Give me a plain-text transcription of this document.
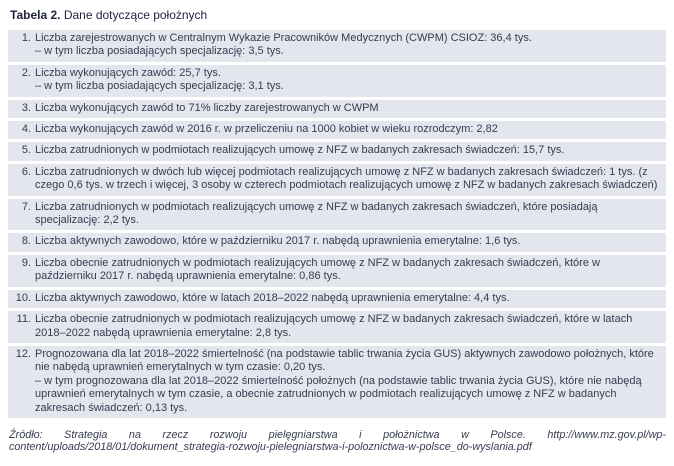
Tabela 2. Dane dotyczące położnych
1. Liczba zarejestrowanych w Centralnym Wykazie Pracowników Medycznych (CWPM) CSIOZ: 36,4 tys.
– w tym liczba posiadających specjalizację: 3,5 tys.
2. Liczba wykonujących zawód: 25,7 tys.
– w tym liczba posiadających specjalizację: 3,1 tys.
3. Liczba wykonujących zawód to 71% liczby zarejestrowanych w CWPM
4. Liczba wykonujących zawód w 2016 r. w przeliczeniu na 1000 kobiet w wieku rozrodczym: 2,82
5. Liczba zatrudnionych w podmiotach realizujących umowę z NFZ w badanych zakresach świadczeń: 15,7 tys.
6. Liczba zatrudnionych w dwóch lub więcej podmiotach realizujących umowę z NFZ w badanych zakresach świadczeń: 1 tys. (z czego 0,6 tys. w trzech i więcej, 3 osoby w czterech podmiotach realizujących umowę z NFZ w badanych zakresach świadczeń)
7. Liczba zatrudnionych w podmiotach realizujących umowę z NFZ w badanych zakresach świadczeń, które posiadają specjalizację: 2,2 tys.
8. Liczba aktywnych zawodowo, które w październiku 2017 r. nabędą uprawnienia emerytalne: 1,6 tys.
9. Liczba obecnie zatrudnionych w podmiotach realizujących umowę z NFZ w badanych zakresach świadczeń, które w październiku 2017 r. nabędą uprawnienia emerytalne: 0,86 tys.
10. Liczba aktywnych zawodowo, które w latach 2018–2022 nabędą uprawnienia emerytalne: 4,4 tys.
11. Liczba obecnie zatrudnionych w podmiotach realizujących umowę z NFZ w badanych zakresach świadczeń, które w latach 2018–2022 nabędą uprawnienia emerytalne: 2,8 tys.
12. Prognozowana dla lat 2018–2022 śmiertelność (na podstawie tablic trwania życia GUS) aktywnych zawodowo położnych, które nie nabędą uprawnień emerytalnych w tym czasie: 0,20 tys.
– w tym prognozowana dla lat 2018–2022 śmiertelność położnych (na podstawie tablic trwania życia GUS), które nie nabędą uprawnień emerytalnych w tym czasie, a obecnie zatrudnionych w podmiotach realizujących umowę z NFZ w badanych zakresach świadczeń: 0,13 tys.
Źródło: Strategia na rzecz rozwoju pielęgniarstwa i położnictwa w Polsce. http://www.mz.gov.pl/wp-content/uploads/2018/01/dokument_strategia-rozwoju-pielegniarstwa-i-poloznictwa-w-polsce_do-wyslania.pdf
